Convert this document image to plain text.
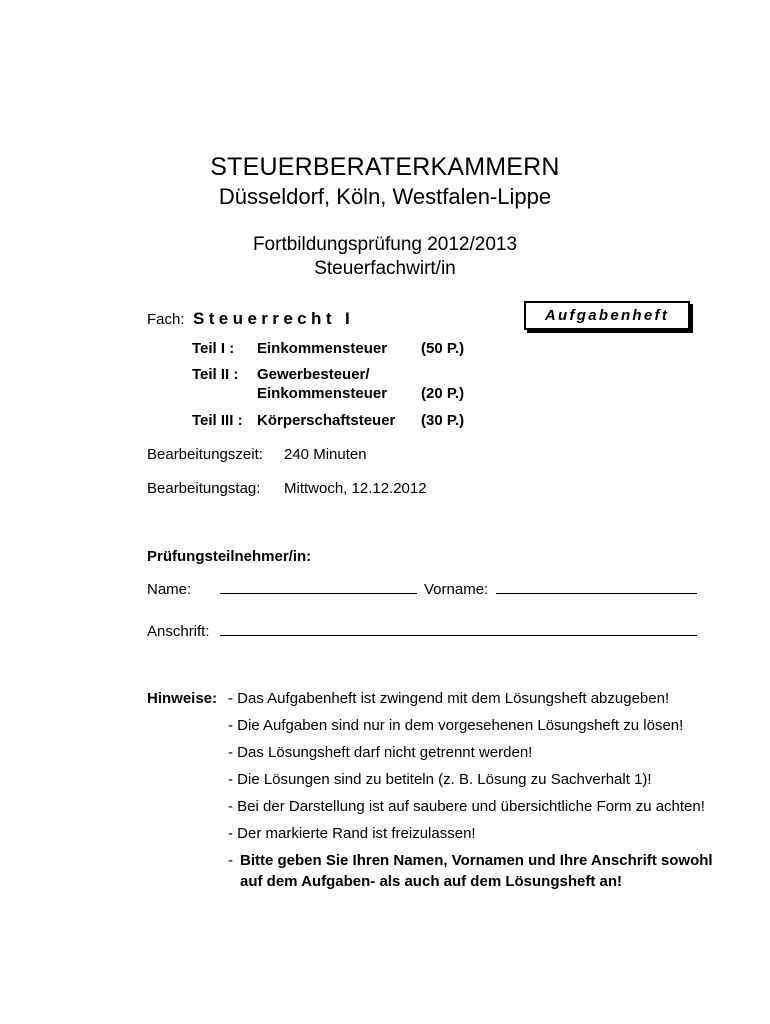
STEUERBERATERKAMMERN
Düsseldorf, Köln, Westfalen-Lippe
Fortbildungsprüfung 2012/2013
Steuerfachwirt/in
Fach: Steuerrecht I	Aufgabenheft
Teil I : Einkommensteuer (50 P.)
Teil II : Gewerbesteuer/
Einkommensteuer (20 P.)
Teil III : Körperschaftsteuer (30 P.)
Bearbeitungszeit: 240 Minuten
Bearbeitungstag: Mittwoch, 12.12.2012
Prüfungsteilnehmer/in:
Name:	Vorname:
Anschrift:
Hinweise: - Das Aufgabenheft ist zwingend mit dem Lösungsheft abzugeben!
- Die Aufgaben sind nur in dem vorgesehenen Lösungsheft zu lösen!
- Das Lösungsheft darf nicht getrennt werden!
- Die Lösungen sind zu betiteln (z. B. Lösung zu Sachverhalt 1)!
- Bei der Darstellung ist auf saubere und übersichtliche Form zu achten!
- Der markierte Rand ist freizulassen!
- Bitte geben Sie Ihren Namen, Vornamen und Ihre Anschrift sowohl
auf dem Aufgaben- als auch auf dem Lösungsheft an!
